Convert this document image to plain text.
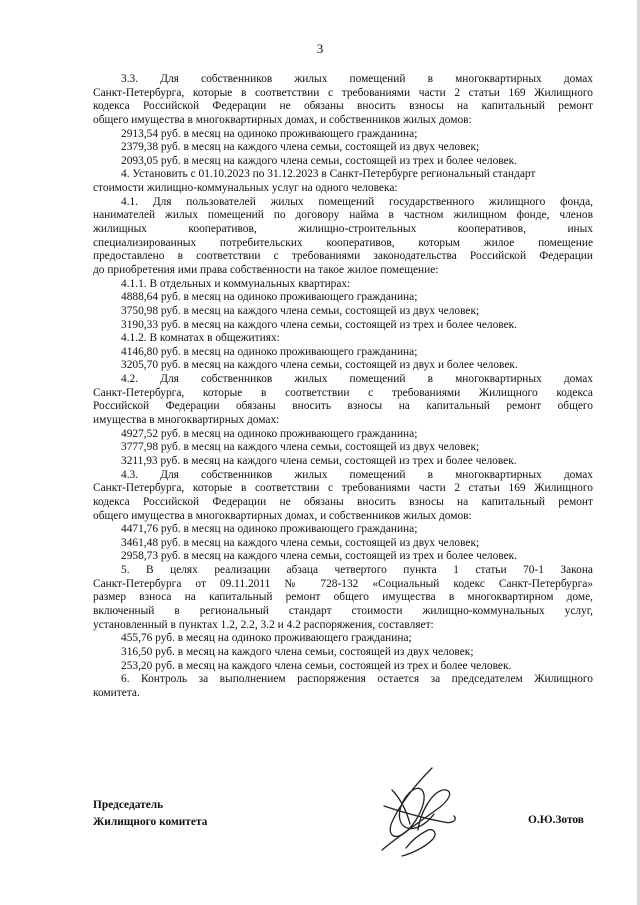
3
3.3. Для собственников жилых помещений в многоквартирных домах
Санкт-Петербурга, которые в соответствии с требованиями части 2 статьи 169 Жилищного
кодекса Российской Федерации не обязаны вносить взносы на капитальный ремонт
общего имущества в многоквартирных домах, и собственников жилых домов:
2913,54 руб. в месяц на одиноко проживающего гражданина;
2379,38 руб. в месяц на каждого члена семьи, состоящей из двух человек;
2093,05 руб. в месяц на каждого члена семьи, состоящей из трех и более человек.
4. Установить с 01.10.2023 по 31.12.2023 в Санкт-Петербурге региональный стандарт
стоимости жилищно-коммунальных услуг на одного человека:
4.1. Для пользователей жилых помещений государственного жилищного фонда,
нанимателей жилых помещений по договору найма в частном жилищном фонде, членов
жилищных кооперативов, жилищно-строительных кооперативов, иных
специализированных потребительских кооперативов, которым жилое помещение
предоставлено в соответствии с требованиями законодательства Российской Федерации
до приобретения ими права собственности на такое жилое помещение:
4.1.1. В отдельных и коммунальных квартирах:
4888,64 руб. в месяц на одиноко проживающего гражданина;
3750,98 руб. в месяц на каждого члена семьи, состоящей из двух человек;
3190,33 руб. в месяц на каждого члена семьи, состоящей из трех и более человек.
4.1.2. В комнатах в общежитиях:
4146,80 руб. в месяц на одиноко проживающего гражданина;
3205,70 руб. в месяц на каждого члена семьи, состоящей из двух и более человек.
4.2. Для собственников жилых помещений в многоквартирных домах
Санкт-Петербурга, которые в соответствии с требованиями Жилищного кодекса
Российской Федерации обязаны вносить взносы на капитальный ремонт общего
имущества в многоквартирных домах:
4927,52 руб. в месяц на одиноко проживающего гражданина;
3777,98 руб. в месяц на каждого члена семьи, состоящей из двух человек;
3211,93 руб. в месяц на каждого члена семьи, состоящей из трех и более человек.
4.3. Для собственников жилых помещений в многоквартирных домах
Санкт-Петербурга, которые в соответствии с требованиями части 2 статьи 169 Жилищного
кодекса Российской Федерации не обязаны вносить взносы на капитальный ремонт
общего имущества в многоквартирных домах, и собственников жилых домов:
4471,76 руб. в месяц на одиноко проживающего гражданина;
3461,48 руб. в месяц на каждого члена семьи, состоящей из двух человек;
2958,73 руб. в месяц на каждого члена семьи, состоящей из трех и более человек.
5. В целях реализации абзаца четвертого пункта 1 статьи 70-1 Закона
Санкт-Петербурга от 09.11.2011 № 728-132 «Социальный кодекс Санкт-Петербурга»
размер взноса на капитальный ремонт общего имущества в многоквартирном доме,
включенный в региональный стандарт стоимости жилищно-коммунальных услуг,
установленный в пунктах 1.2, 2.2, 3.2 и 4.2 распоряжения, составляет:
455,76 руб. в месяц на одиноко проживающего гражданина;
316,50 руб. в месяц на каждого члена семьи, состоящей из двух человек;
253,20 руб. в месяц на каждого члена семьи, состоящей из трех и более человек.
6. Контроль за выполнением распоряжения остается за председателем Жилищного
комитета.
Председатель
Жилищного комитета	О.Ю.Зотов
